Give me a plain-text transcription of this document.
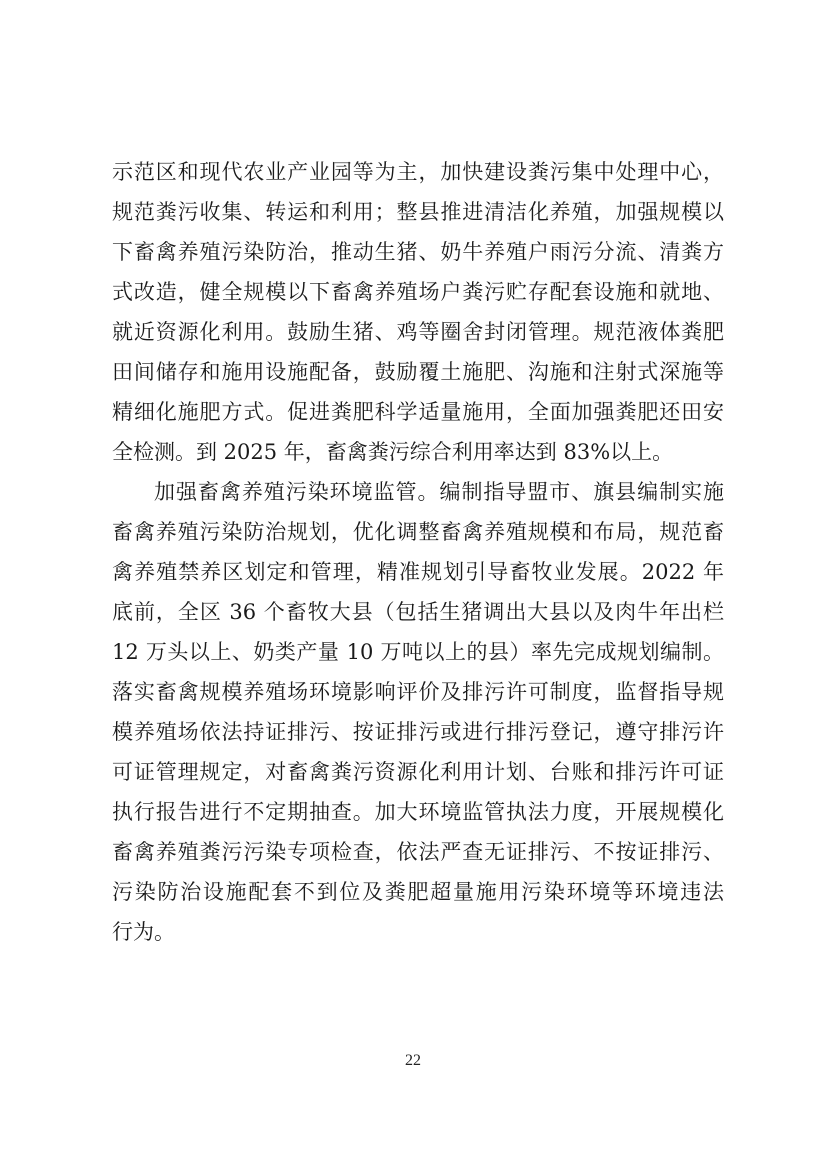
示范区和现代农业产业园等为主，加快建设粪污集中处理中心，
规范粪污收集、转运和利用；整县推进清洁化养殖，加强规模以
下畜禽养殖污染防治，推动生猪、奶牛养殖户雨污分流、清粪方
式改造，健全规模以下畜禽养殖场户粪污贮存配套设施和就地、
就近资源化利用。鼓励生猪、鸡等圈舍封闭管理。规范液体粪肥
田间储存和施用设施配备，鼓励覆土施肥、沟施和注射式深施等
精细化施肥方式。促进粪肥科学适量施用，全面加强粪肥还田安
全检测。到 2025 年，畜禽粪污综合利用率达到 83%以上。
加强畜禽养殖污染环境监管。编制指导盟市、旗县编制实施
畜禽养殖污染防治规划，优化调整畜禽养殖规模和布局，规范畜
禽养殖禁养区划定和管理，精准规划引导畜牧业发展。2022 年
底前，全区 36 个畜牧大县（包括生猪调出大县以及肉牛年出栏
12 万头以上、奶类产量 10 万吨以上的县）率先完成规划编制。
落实畜禽规模养殖场环境影响评价及排污许可制度，监督指导规
模养殖场依法持证排污、按证排污或进行排污登记，遵守排污许
可证管理规定，对畜禽粪污资源化利用计划、台账和排污许可证
执行报告进行不定期抽查。加大环境监管执法力度，开展规模化
畜禽养殖粪污污染专项检查，依法严查无证排污、不按证排污、
污染防治设施配套不到位及粪肥超量施用污染环境等环境违法
行为。
22
